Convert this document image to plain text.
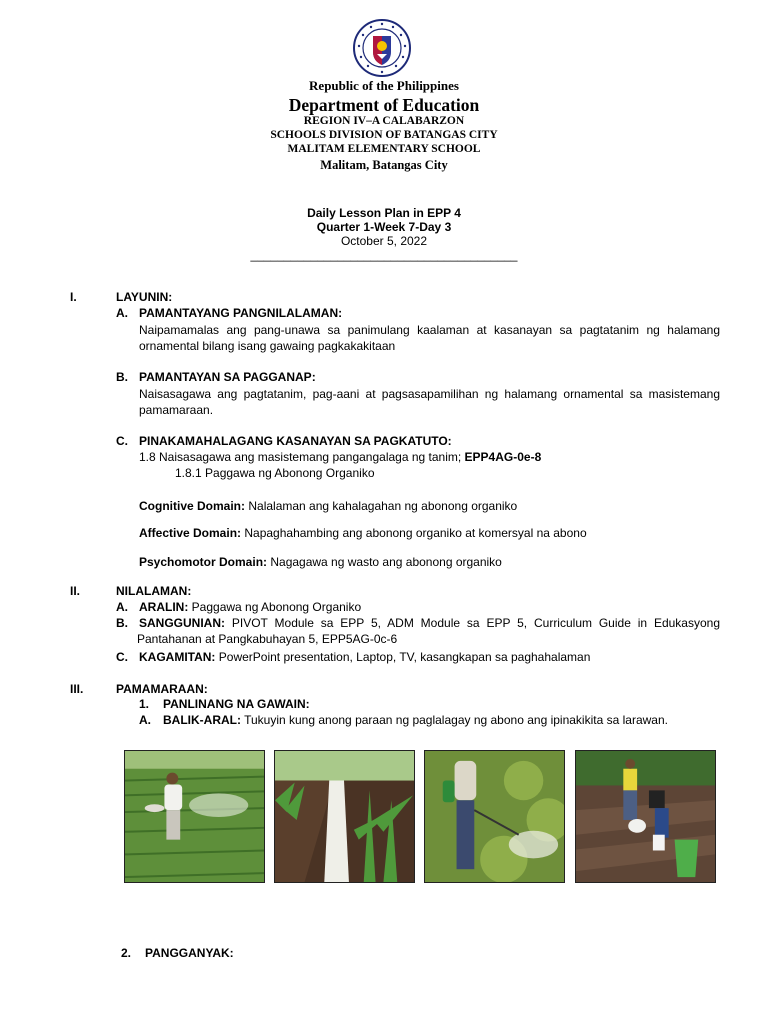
Republic of the Philippines
Department of Education
REGION IV–A CALABARZON
SCHOOLS DIVISION OF BATANGAS CITY
MALITAM ELEMENTARY SCHOOL
Malitam, Batangas City
Daily Lesson Plan in EPP 4
Quarter 1-Week 7-Day 3
October 5, 2022
________________________________________
I.	LAYUNIN:
A. PAMANTAYANG PANGNILALAMAN:
Naipamamalas ang pang-unawa sa panimulang kaalaman at kasanayan sa pagtatanim ng halamang ornamental bilang isang gawaing pagkakakitaan
B. PAMANTAYAN SA PAGGANAP:
Naisasagawa ang pagtatanim, pag-aani at pagsasapamilihan ng halamang ornamental sa masistemang pamamaraan.
C. PINAKAMAHALAGANG KASANAYAN SA PAGKATUTO:
1.8 Naisasagawa ang masistemang pangangalaga ng tanim; EPP4AG-0e-8
1.8.1 Paggawa ng Abonong Organiko
Cognitive Domain: Nalalaman ang kahalagahan ng abonong organiko
Affective Domain: Napaghahambing ang abonong organiko at komersyal na abono
Psychomotor Domain: Nagagawa ng wasto ang abonong organiko
II.	NILALAMAN:
A. ARALIN: Paggawa ng Abonong Organiko
B. SANGGUNIAN: PIVOT Module sa EPP 5, ADM Module sa EPP 5, Curriculum Guide in Edukasyong
Pantahanan at Pangkabuhayan 5, EPP5AG-0c-6
C. KAGAMITAN: PowerPoint presentation, Laptop, TV, kasangkapan sa paghahalaman
III.	PAMAMARAAN:
1. PANLINANG NA GAWAIN:
A. BALIK-ARAL: Tukuyin kung anong paraan ng paglalagay ng abono ang ipinakikita sa larawan.
2. PANGGANYAK:
